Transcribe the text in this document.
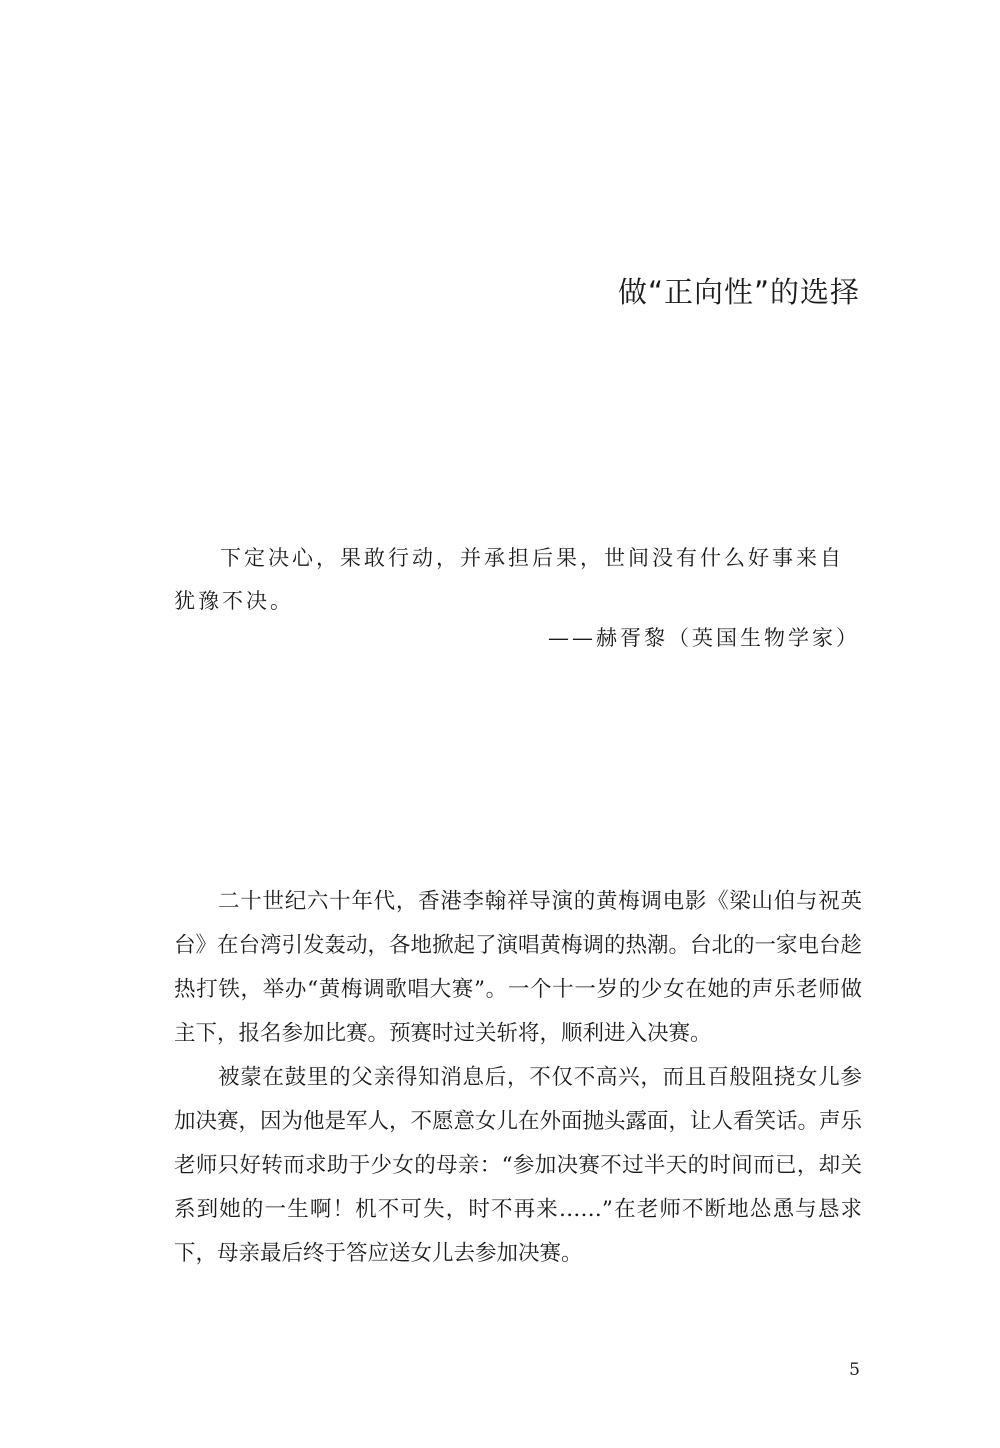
做“正向性”的选择

下定决心，果敢行动，并承担后果，世间没有什么好事来自犹豫不决。

——赫胥黎（英国生物学家）

二十世纪六十年代，香港李翰祥导演的黄梅调电影《梁山伯与祝英台》在台湾引发轰动，各地掀起了演唱黄梅调的热潮。台北的一家电台趁热打铁，举办“黄梅调歌唱大赛”。一个十一岁的少女在她的声乐老师做主下，报名参加比赛。预赛时过关斩将，顺利进入决赛。

被蒙在鼓里的父亲得知消息后，不仅不高兴，而且百般阻挠女儿参加决赛，因为他是军人，不愿意女儿在外面抛头露面，让人看笑话。声乐老师只好转而求助于少女的母亲：“参加决赛不过半天的时间而已，却关系到她的一生啊！机不可失，时不再来……”在老师不断地怂恿与恳求下，母亲最后终于答应送女儿去参加决赛。

5
